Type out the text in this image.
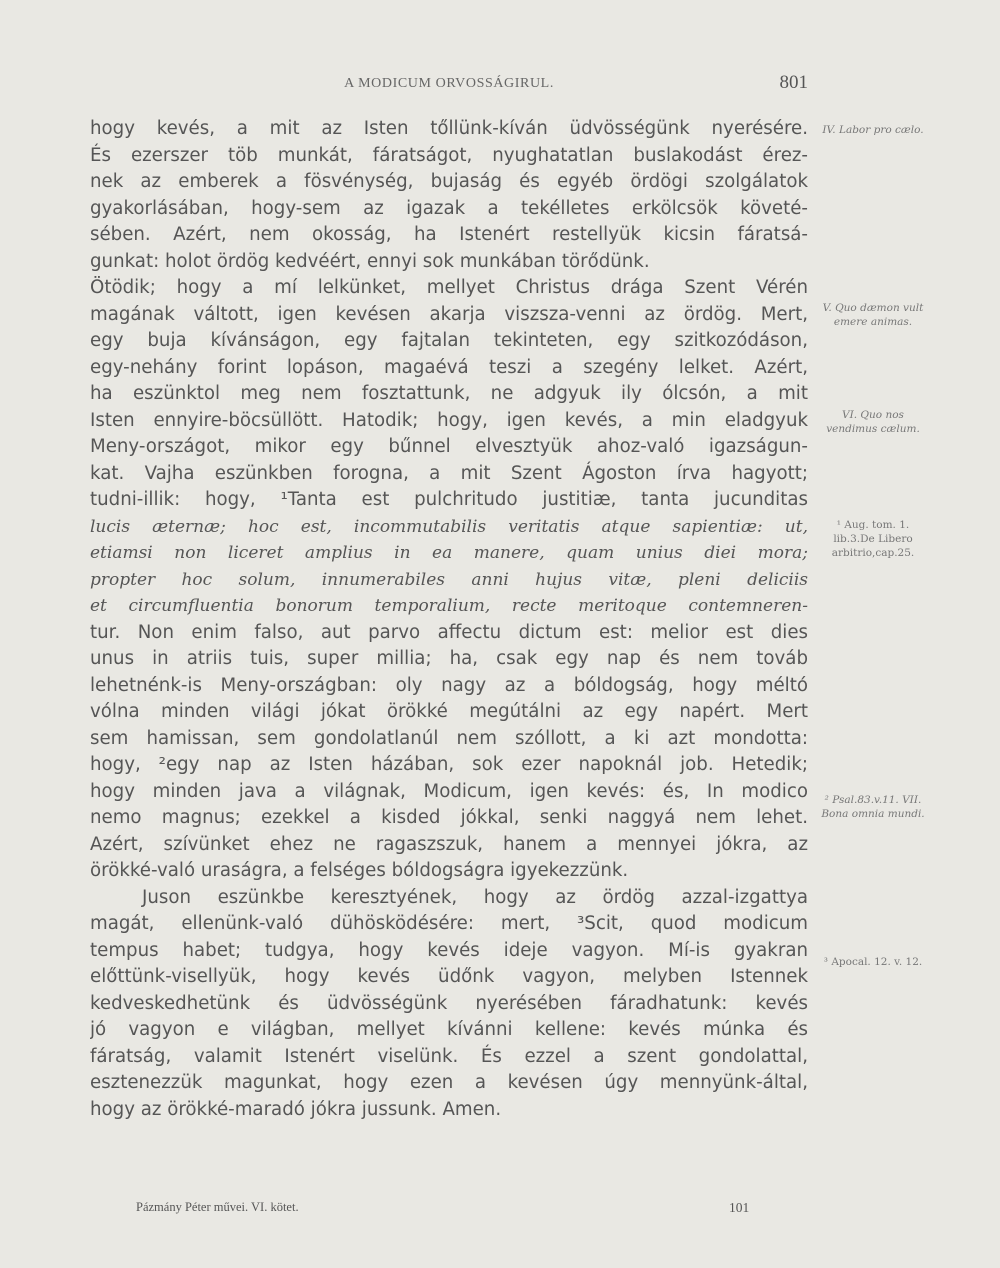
A MODICUM ORVOSSÁGIRUL.	801
hogy kevés, a mit az Isten tőllünk-kíván üdvösségünk nyerésére.
És ezerszer töb munkát, fáratságot, nyughatatlan buslakodást érez-
nek az emberek a fösvénység, bujaság és egyéb ördögi szolgálatok
gyakorlásában, hogy-sem az igazak a tekélletes erkölcsök követé-
sében. Azért, nem okosság, ha Istenért restellyük kicsin fáratsá-
gunkat: holot ördög kedvéért, ennyi sok munkában törődünk.
Ötödik; hogy a mí lelkünket, mellyet Christus drága Szent Vérén
magának váltott, igen kevésen akarja viszsza-venni az ördög. Mert,
egy buja kívánságon, egy fajtalan tekinteten, egy szitkozódáson,
egy-nehány forint lopáson, magaévá teszi a szegény lelket. Azért,
ha eszünktol meg nem fosztattunk, ne adgyuk ily ólcsón, a mit
Isten ennyire-böcsüllött. Hatodik; hogy, igen kevés, a min eladgyuk
Meny-országot, mikor egy bűnnel elvesztyük ahoz-való igazságun-
kat. Vajha eszünkben forogna, a mit Szent Ágoston írva hagyott;
tudni-illik: hogy, ¹Tanta est pulchritudo justitiæ, tanta jucunditas
lucis æternæ; hoc est, incommutabilis veritatis atque sapientiæ: ut,
etiamsi non liceret amplius in ea manere, quam unius diei mora;
propter hoc solum, innumerabiles anni hujus vitæ, pleni deliciis
et circumfluentia bonorum temporalium, recte meritoque contemneren-
tur. Non enim falso, aut parvo affectu dictum est: melior est dies
unus in atriis tuis, super millia; ha, csak egy nap és nem továb
lehetnénk-is Meny-országban: oly nagy az a bóldogság, hogy méltó
vólna minden világi jókat örökké megútálni az egy napért. Mert
sem hamissan, sem gondolatlanúl nem szóllott, a ki azt mondotta:
hogy, ²egy nap az Isten házában, sok ezer napoknál job. Hetedik;
hogy minden java a világnak, Modicum, igen kevés: és, In modico
nemo magnus; ezekkel a kisded jókkal, senki naggyá nem lehet.
Azért, szívünket ehez ne ragaszszuk, hanem a mennyei jókra, az
örökké-való uraságra, a felséges bóldogságra igyekezzünk.
Juson eszünkbe keresztyének, hogy az ördög azzal-izgattya
magát, ellenünk-való dühösködésére: mert, ³Scit, quod modicum
tempus habet; tudgya, hogy kevés ideje vagyon. Mí-is gyakran
előttünk-visellyük, hogy kevés üdőnk vagyon, melyben Istennek
kedveskedhetünk és üdvösségünk nyerésében fáradhatunk: kevés
jó vagyon e világban, mellyet kívánni kellene: kevés múnka és
fáratság, valamit Istenért viselünk. És ezzel a szent gondolattal,
esztenezzük magunkat, hogy ezen a kevésen úgy mennyünk-által,
hogy az örökké-maradó jókra jussunk. Amen.
IV. Labor pro cælo.
V. Quo dæmon vult emere animas.
VI. Quo nos vendimus cælum.
¹ Aug. tom. 1. lib.3.De Libero arbitrio,cap.25.
² Psal.83.v.11. VII. Bona omnia mundi.
³ Apocal. 12. v. 12.
Pázmány Péter művei. VI. kötet.	101
